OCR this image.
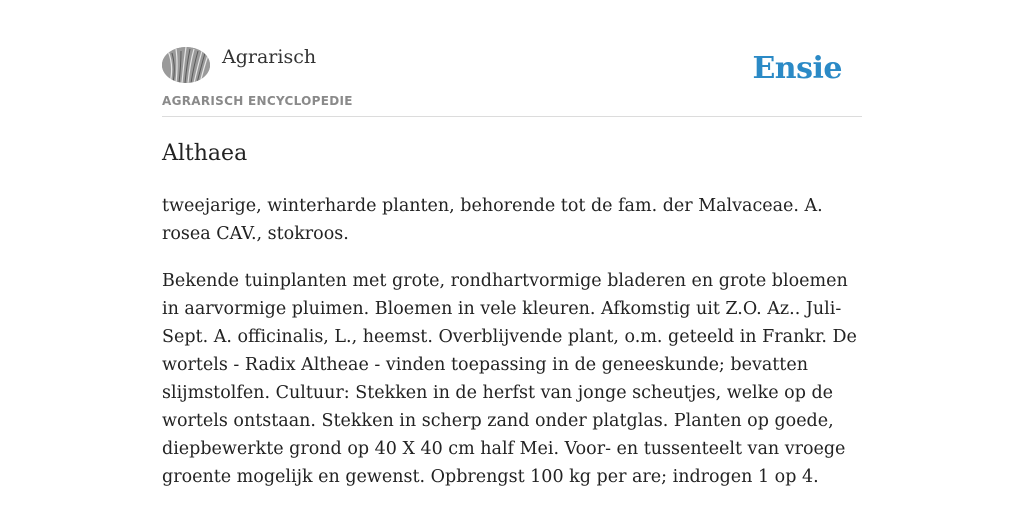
Agrarisch
AGRARISCH ENCYCLOPEDIE
Ensie
Althaea

tweejarige, winterharde planten, behorende tot de fam. der Malvaceae. A. rosea CAV., stokroos.

Bekende tuinplanten met grote, rondhartvormige bladeren en grote bloemen in aarvormige pluimen. Bloemen in vele kleuren. Afkomstig uit Z.O. Az.. Juli-Sept. A. officinalis, L., heemst. Overblijvende plant, o.m. geteeld in Frankr. De wortels - Radix Altheae - vinden toepassing in de geneeskunde; bevatten slijmstolfen. Cultuur: Stekken in de herfst van jonge scheutjes, welke op de wortels ontstaan. Stekken in scherp zand onder platglas. Planten op goede, diepbewerkte grond op 40 X 40 cm half Mei. Voor- en tussenteelt van vroege groente mogelijk en gewenst. Opbrengst 100 kg per are; indrogen 1 op 4.
